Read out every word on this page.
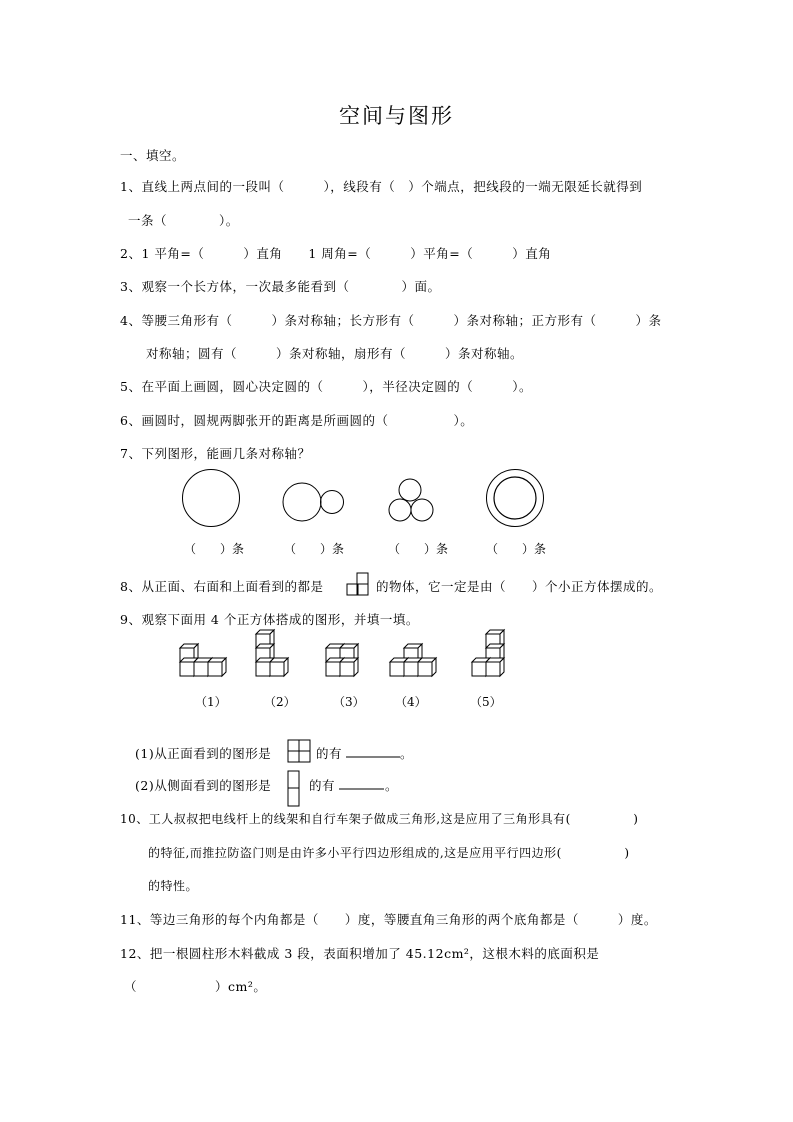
空间与图形
一、填空。
1、直线上两点间的一段叫（　　　），线段有（　）个端点，把线段的一端无限延长就得到
一条（　　　　）。
2、1 平角=（　　　）直角　　1 周角=（　　　）平角=（　　　）直角
3、观察一个长方体，一次最多能看到（　　　　）面。
4、等腰三角形有（　　　）条对称轴；长方形有（　　　）条对称轴；正方形有（　　　）条
对称轴；圆有（　　　）条对称轴，扇形有（　　　）条对称轴。
5、在平面上画圆，圆心决定圆的（　　　），半径决定圆的（　　　）。
6、画圆时，圆规两脚张开的距离是所画圆的（　　　　　）。
7、下列图形，能画几条对称轴？
（　　）条	（　　）条	（　　）条	（　　）条
8、从正面、右面和上面看到的都是	的物体，它一定是由（　　）个小正方体摆成的。
9、观察下面用 4 个正方体搭成的图形，并填一填。
（1）	（2）	（3）	（4）	（5）
(1)从正面看到的图形是	的有	。
(2)从侧面看到的图形是	的有	。
10、工人叔叔把电线杆上的线架和自行车架子做成三角形,这是应用了三角形具有(　　　　　)
的特征,而推拉防盗门则是由许多小平行四边形组成的,这是应用平行四边形(　　　　　)
的特性。
11、等边三角形的每个内角都是（　　）度，等腰直角三角形的两个底角都是（　　　）度。
12、把一根圆柱形木料截成 3 段，表面积增加了 45.12cm²，这根木料的底面积是
（　　　　　　）cm²。
